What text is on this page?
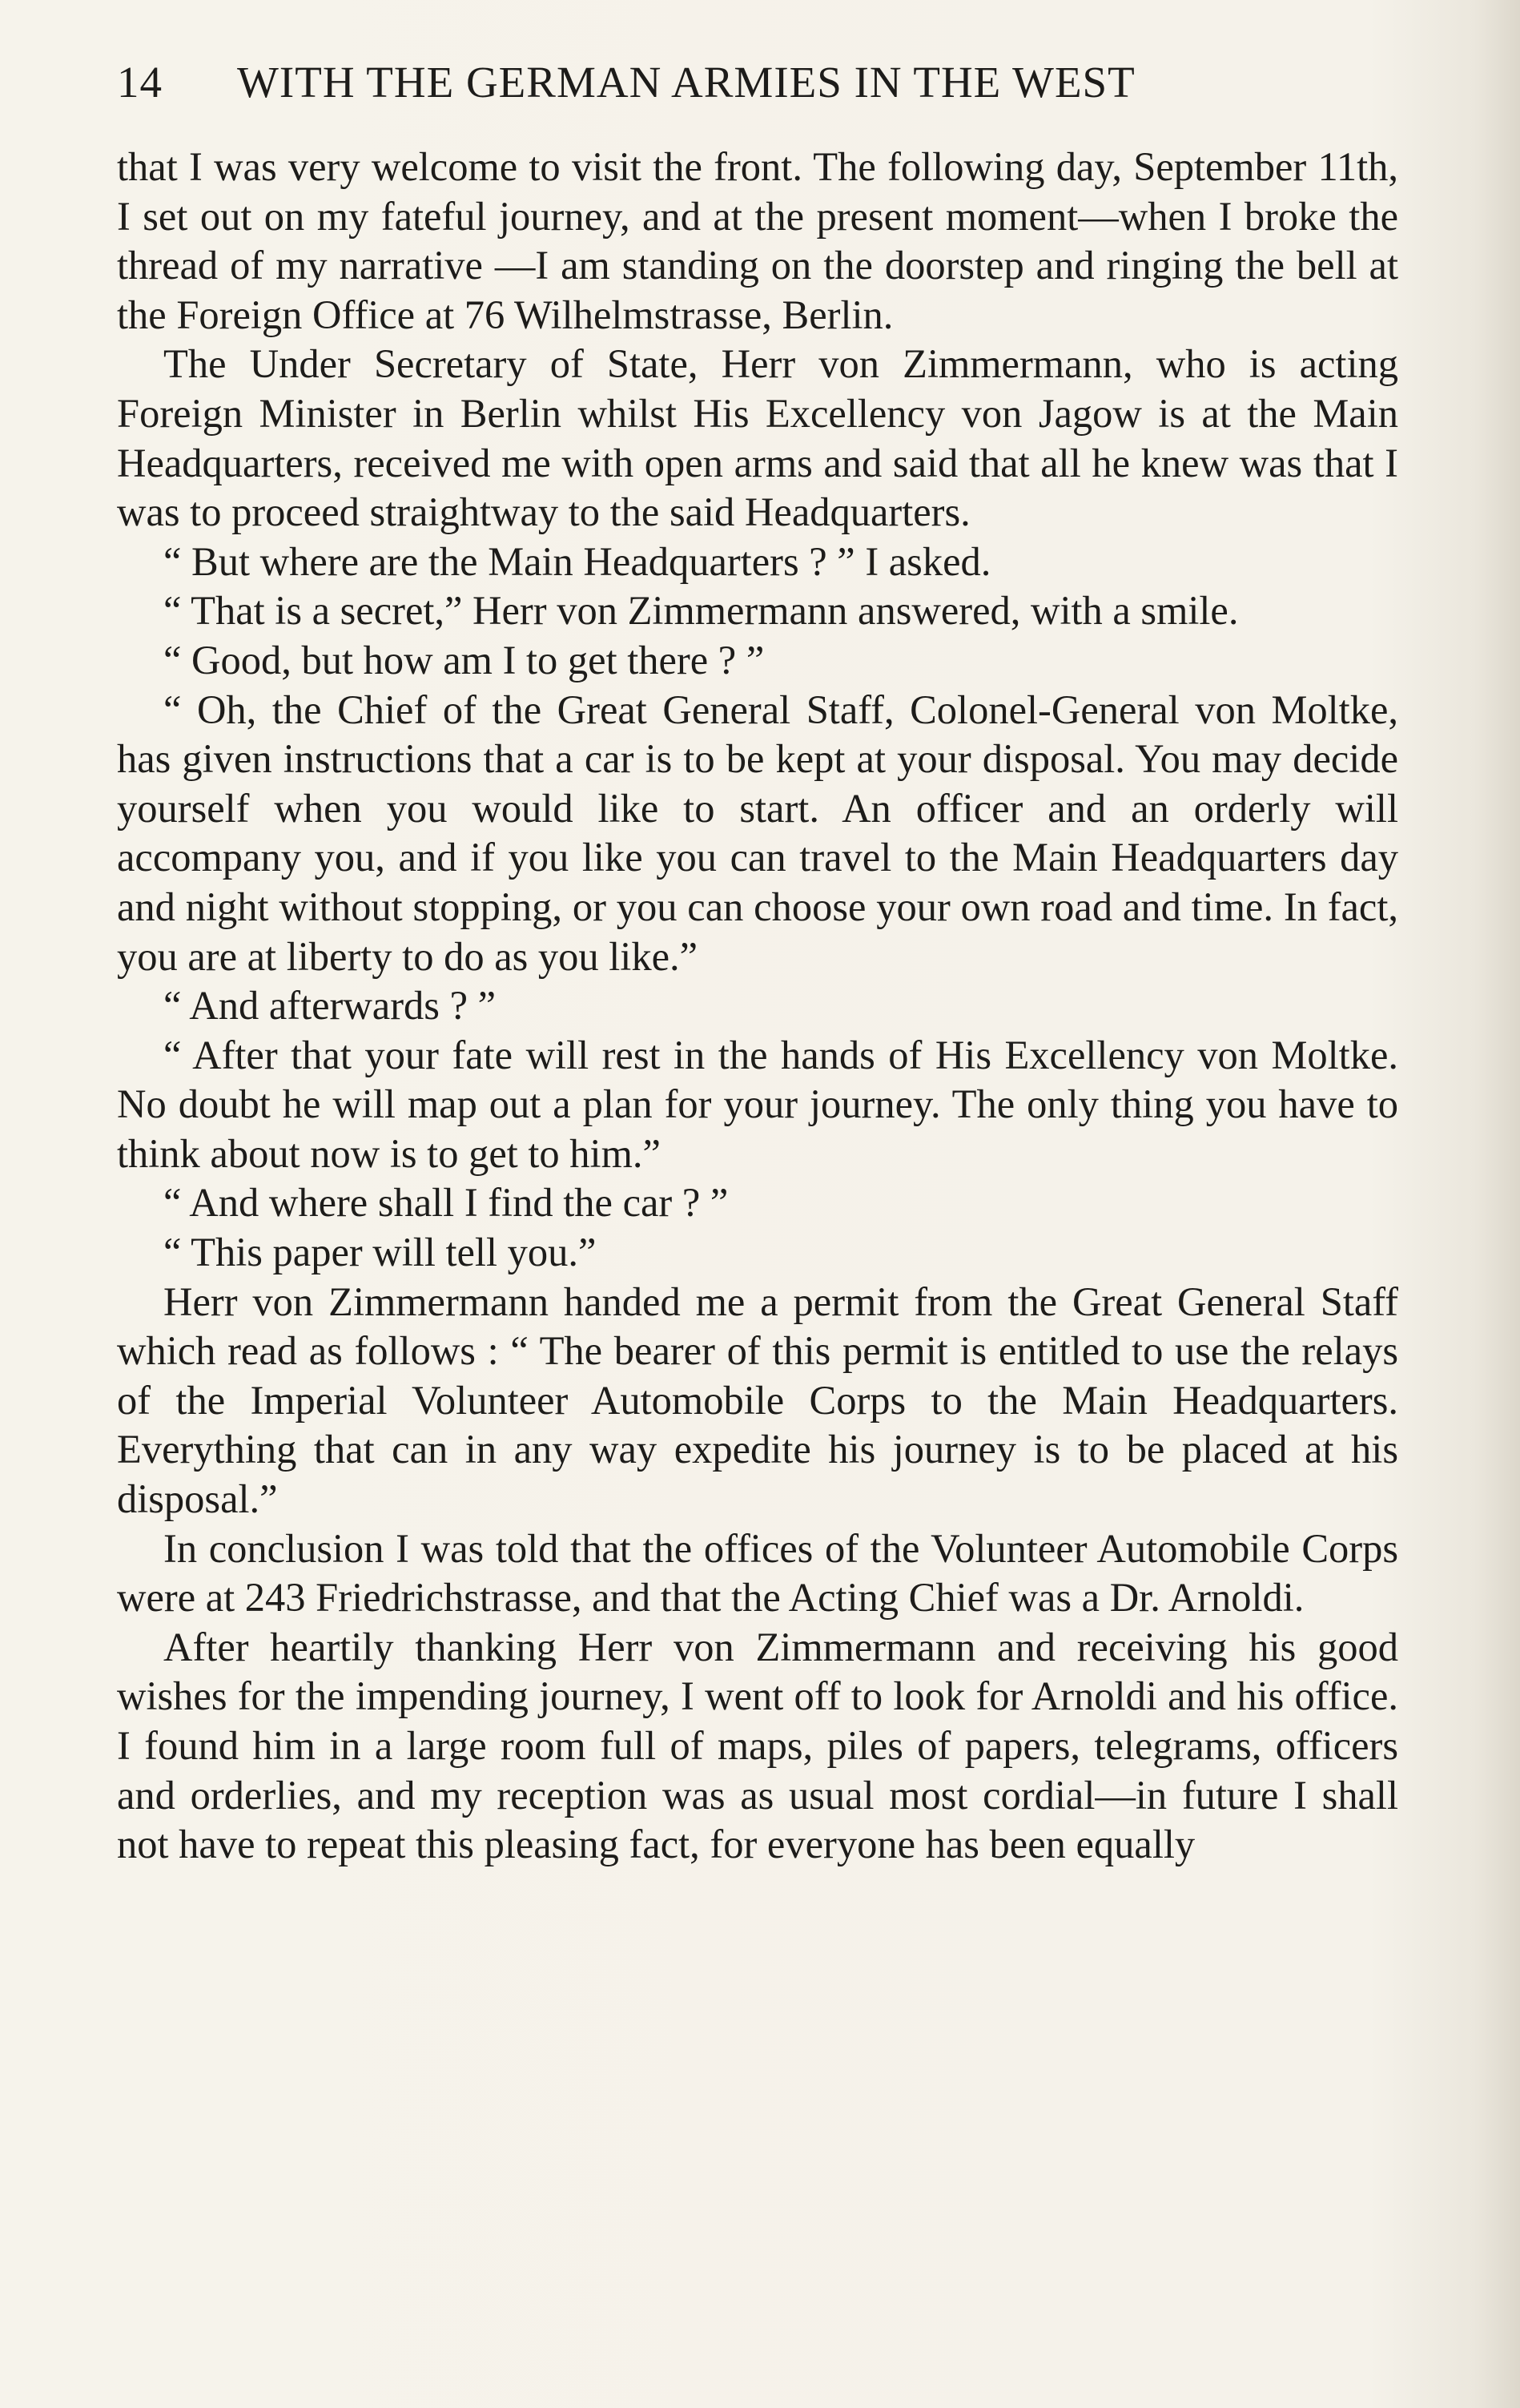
14 WITH THE GERMAN ARMIES IN THE WEST

that I was very welcome to visit the front. The following day, September 11th, I set out on my fateful journey, and at the present moment—when I broke the thread of my narrative —I am standing on the doorstep and ringing the bell at the Foreign Office at 76 Wilhelmstrasse, Berlin.

The Under Secretary of State, Herr von Zimmermann, who is acting Foreign Minister in Berlin whilst His Excellency von Jagow is at the Main Headquarters, received me with open arms and said that all he knew was that I was to proceed straightway to the said Headquarters.

“ But where are the Main Headquarters ? ” I asked.

“ That is a secret,” Herr von Zimmermann answered, with a smile.

“ Good, but how am I to get there ? ”

“ Oh, the Chief of the Great General Staff, Colonel-General von Moltke, has given instructions that a car is to be kept at your disposal. You may decide yourself when you would like to start. An officer and an orderly will accompany you, and if you like you can travel to the Main Headquarters day and night without stopping, or you can choose your own road and time. In fact, you are at liberty to do as you like.”

“ And afterwards ? ”

“ After that your fate will rest in the hands of His Excellency von Moltke. No doubt he will map out a plan for your journey. The only thing you have to think about now is to get to him.”

“ And where shall I find the car ? ”

“ This paper will tell you.”

Herr von Zimmermann handed me a permit from the Great General Staff which read as follows : “ The bearer of this permit is entitled to use the relays of the Imperial Volunteer Automobile Corps to the Main Headquarters. Everything that can in any way expedite his journey is to be placed at his disposal.”

In conclusion I was told that the offices of the Volunteer Automobile Corps were at 243 Friedrichstrasse, and that the Acting Chief was a Dr. Arnoldi.

After heartily thanking Herr von Zimmermann and receiving his good wishes for the impending journey, I went off to look for Arnoldi and his office. I found him in a large room full of maps, piles of papers, telegrams, officers and orderlies, and my reception was as usual most cordial—in future I shall not have to repeat this pleasing fact, for everyone has been equally
